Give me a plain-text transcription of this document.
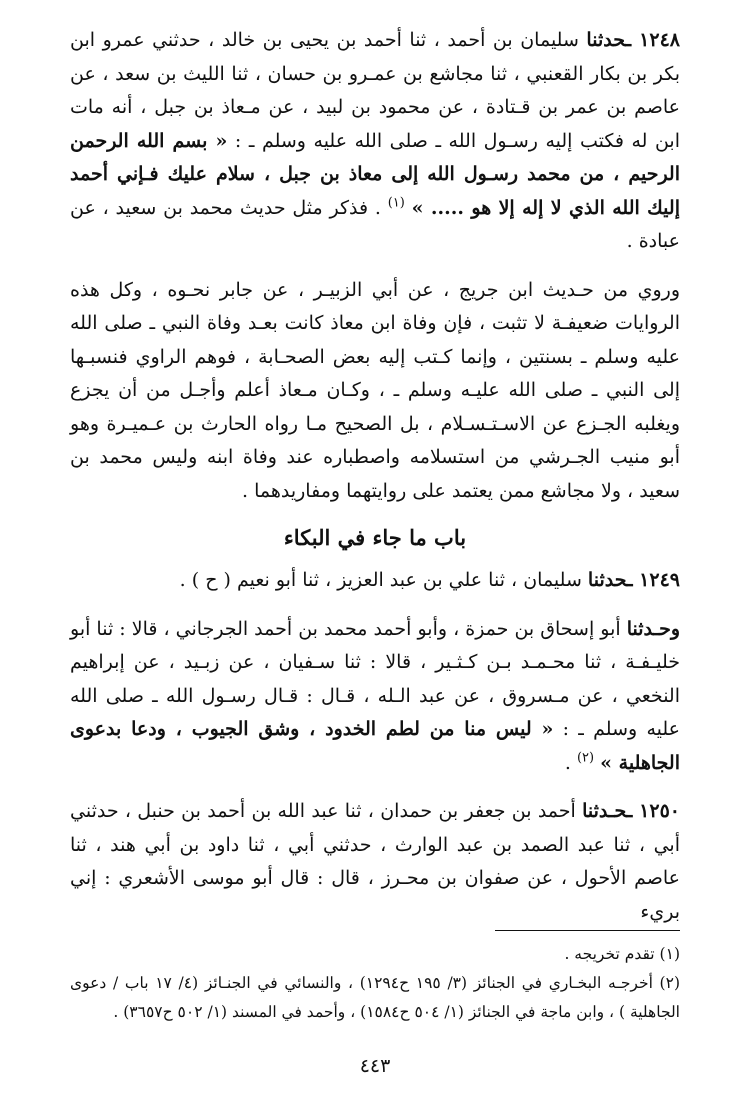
١٢٤٨ ـحدثنا سليمان بن أحمد ، ثنا أحمد بن يحيى بن خالد ، حدثني عمرو ابن بكر بن بكار القعنبي ، ثنا مجاشع بن عمـرو بن حسان ، ثنا الليث بن سعد ، عن عاصم بن عمر بن قـتادة ، عن محمود بن لبيد ، عن مـعاذ بن جبل ، أنه مات ابن له فكتب إليه رسـول الله ـ صلى الله عليه وسلم ـ : « بسم الله الرحمن الرحيم ، من محمد رسـول الله إلى معاذ بن جبل ، سلام عليك فـإني أحمد إليك الله الذي لا إله إلا هو ..... » $^{(١)}$ . فذكر مثل حديث محمد بن سعيد ، عن عبادة .

وروي من حـديث ابن جريج ، عن أبي الزبيـر ، عن جابر نحـوه ، وكل هذه الروايات ضعيفـة لا تثبت ، فإن وفاة ابن معاذ كانت بعـد وفاة النبي ـ صلى الله عليه وسلم ـ بسنتين ، وإنما كـتب إليه بعض الصحـابة ، فوهم الراوي فنسبـها إلى النبي ـ صلى الله عليـه وسلم ـ ، وكـان مـعاذ أعلم وأجـل من أن يجزع ويغلبه الجـزع عن الاسـتـسـلام ، بل الصحيح مـا رواه الحارث بن عـميـرة وهو أبو منيب الجـرشي من استسلامه واصطباره عند وفاة ابنه وليس محمد بن سعيد ، ولا مجاشع ممن يعتمد على روايتهما ومفاريدهما .

باب ما جاء في البكاء

١٢٤٩ ـحدثنا سليمان ، ثنا علي بن عبد العزيز ، ثنا أبو نعيم ( ح ) .

وحـدثنا أبو إسحاق بن حمزة ، وأبو أحمد محمد بن أحمد الجرجاني ، قالا : ثنا أبو خليـفـة ، ثنا محـمـد بـن كـثـير ، قالا : ثنا سـفيان ، عن زبـيد ، عن إبراهيم النخعي ، عن مـسروق ، عن عبد الـله ، قـال : قـال رسـول الله ـ صلى الله عليه وسلم ـ : « ليس منا من لطم الخدود ، وشق الجيوب ، ودعا بدعوى الجاهلية » $^{(٢)}$ .

١٢٥٠ ـحـدثنا أحمد بن جعفر بن حمدان ، ثنا عبد الله بن أحمد بن حنبل ، حدثني أبي ، ثنا عبد الصمد بن عبد الوارث ، حدثني أبي ، ثنا داود بن أبي هند ، ثنا عاصم الأحول ، عن صفوان بن محـرز ، قال : قال أبو موسى الأشعري : إني بريء

(١) تقدم تخريجه .

(٢) أخرجـه البخـاري في الجنائز (٣/ ١٩٥ ح١٢٩٤) ، والنسائي في الجنـائز (٤/ ١٧ باب / دعوى الجاهلية ) ، وابن ماجة في الجنائز (١/ ٥٠٤ ح١٥٨٤) ، وأحمد في المسند (١/ ٥٠٢ ح٣٦٥٧) .

٤٤٣
